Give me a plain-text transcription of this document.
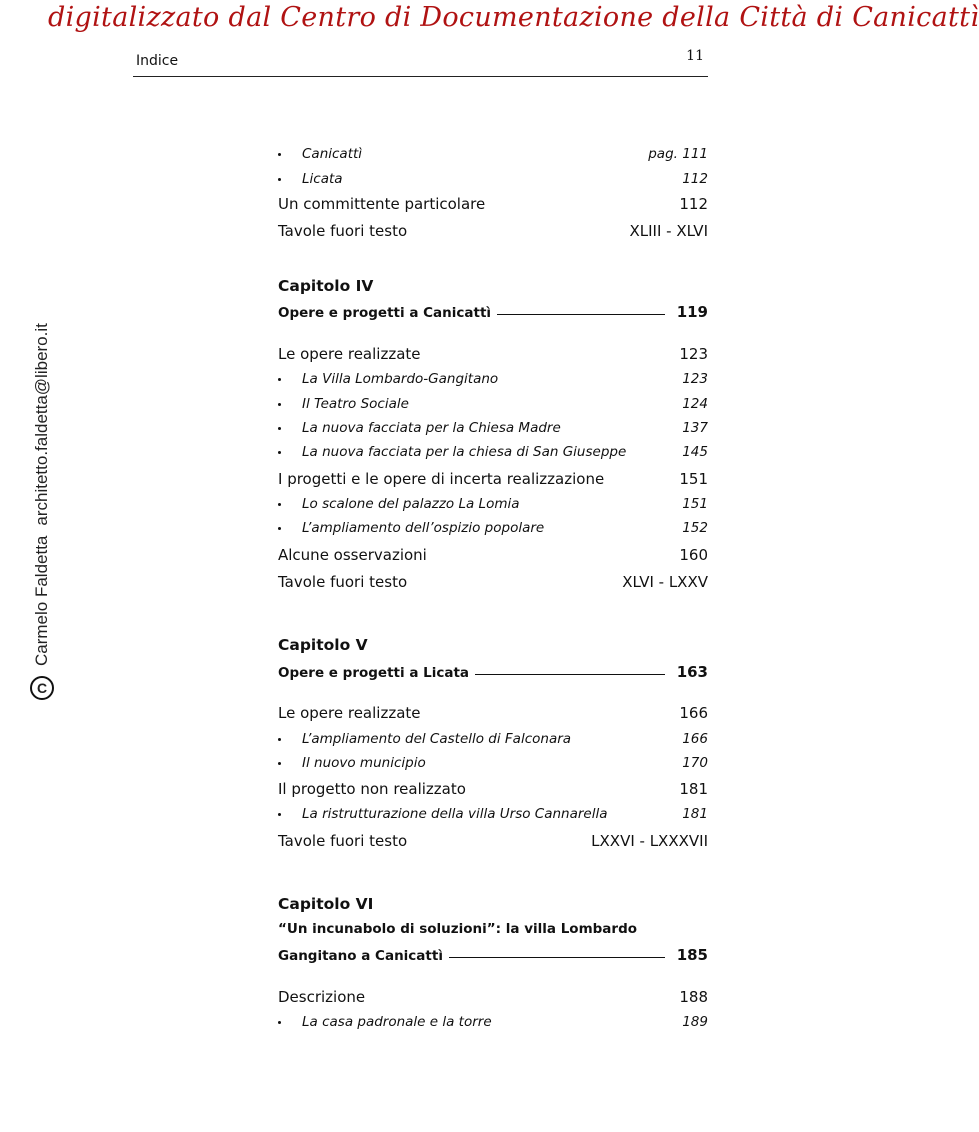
digitalizzato dal Centro di Documentazione della Città di Canicattì
C
Carmelo Faldetta
architetto.faldetta@libero.it
Indice	11
Canicattì	pag. 111
Licata	112
Un committente particolare	112
Tavole fuori testo	XLIII - XLVI
Capitolo IV
Opere e progetti a Canicattì	119
Le opere realizzate	123
La Villa Lombardo-Gangitano	123
Il Teatro Sociale	124
La nuova facciata per la Chiesa Madre	137
La nuova facciata per la chiesa di San Giuseppe	145
I progetti e le opere di incerta realizzazione	151
Lo scalone del palazzo La Lomia	151
L’ampliamento dell’ospizio popolare	152
Alcune osservazioni	160
Tavole fuori testo	XLVI - LXXV
Capitolo V
Opere e progetti a Licata	163
Le opere realizzate	166
L’ampliamento del Castello di Falconara	166
Il nuovo municipio	170
Il progetto non realizzato	181
La ristrutturazione della villa Urso Cannarella	181
Tavole fuori testo	LXXVI - LXXXVII
Capitolo VI
“Un incunabolo di soluzioni”: la villa Lombardo
Gangitano a Canicattì	185
Descrizione	188
La casa padronale e la torre	189
